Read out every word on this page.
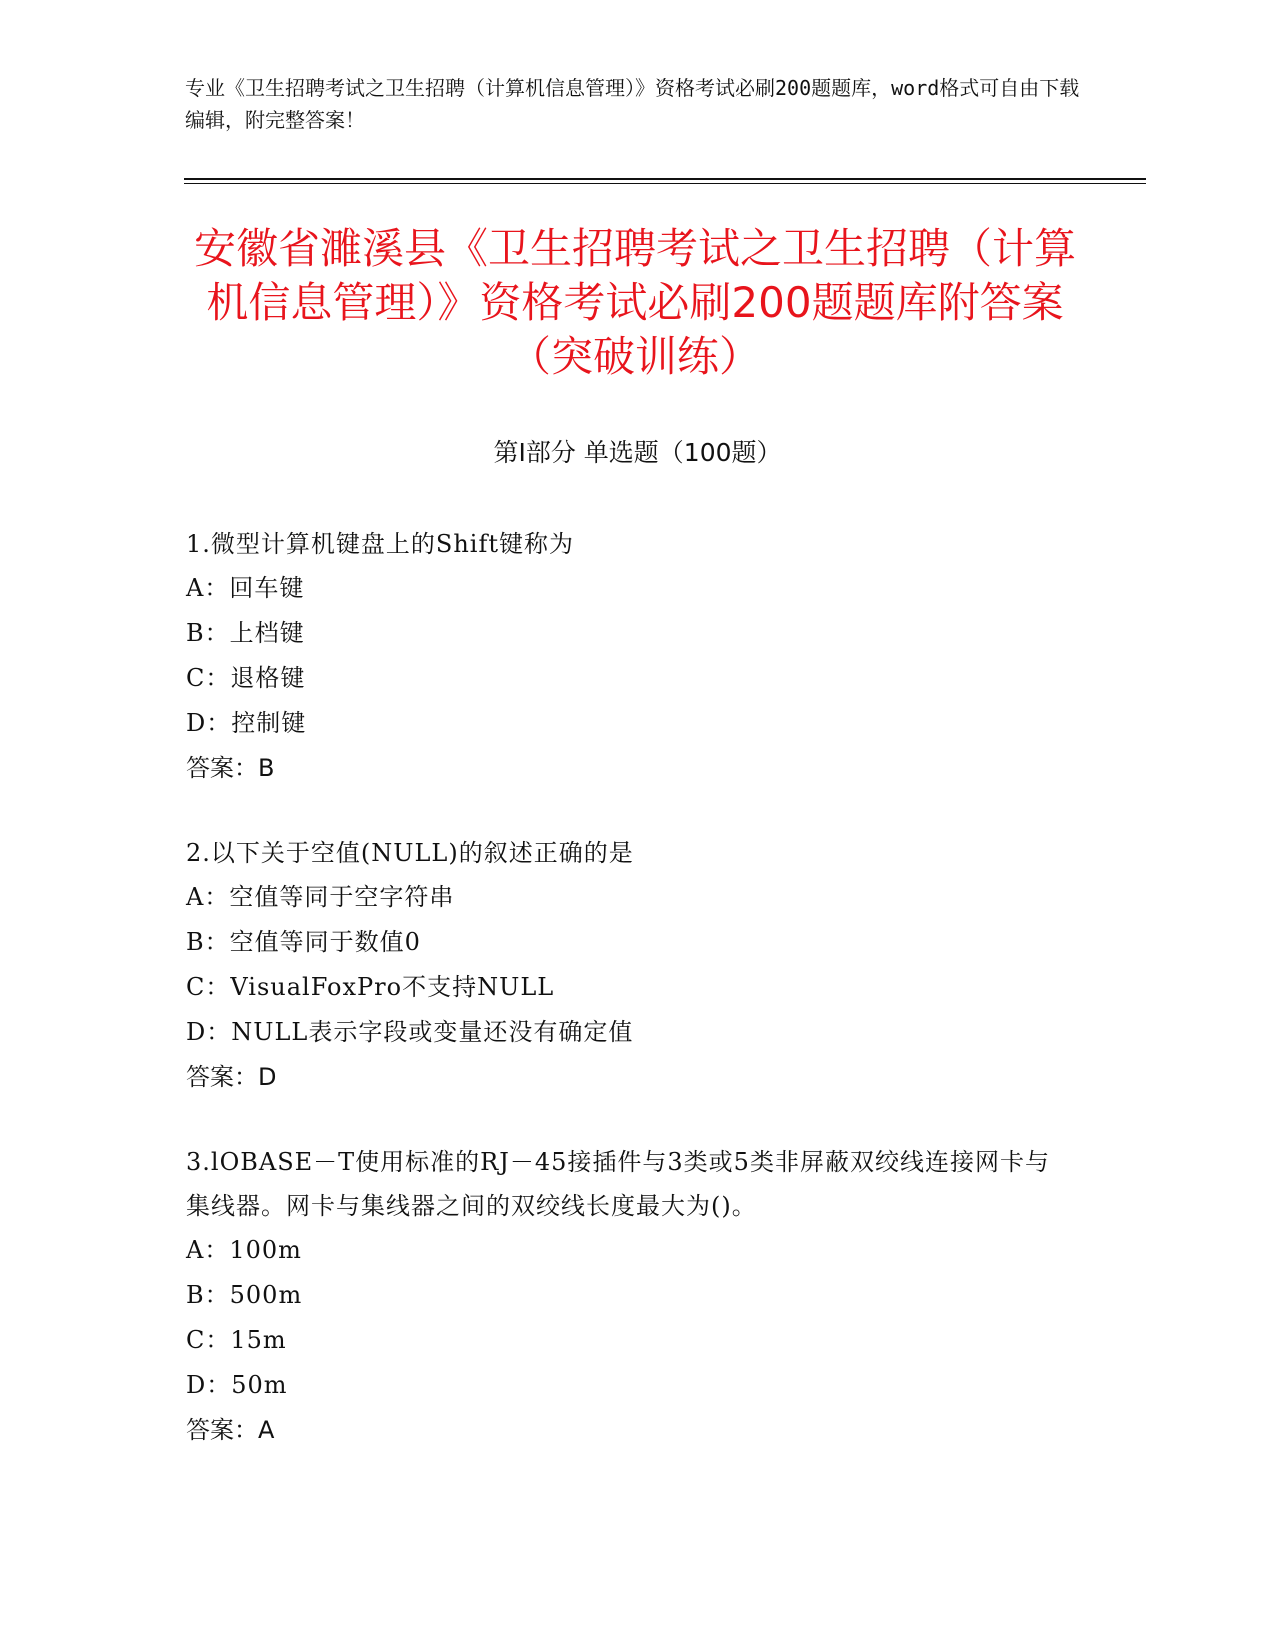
专业《卫生招聘考试之卫生招聘（计算机信息管理）》资格考试必刷200题题库，word格式可自由下载编辑，附完整答案！
安徽省濉溪县《卫生招聘考试之卫生招聘（计算机信息管理）》资格考试必刷200题题库附答案（突破训练）
第Ⅰ部分 单选题（100题）
1.微型计算机键盘上的Shift键称为
A：回车键
B：上档键
C：退格键
D：控制键
答案：B
2.以下关于空值(NULL)的叙述正确的是
A：空值等同于空字符串
B：空值等同于数值0
C：VisualFoxPro不支持NULL
D：NULL表示字段或变量还没有确定值
答案：D
3.lOBASE－T使用标准的RJ－45接插件与3类或5类非屏蔽双绞线连接网卡与集线器。网卡与集线器之间的双绞线长度最大为()。
A：100m
B：500m
C：15m
D：50m
答案：A
